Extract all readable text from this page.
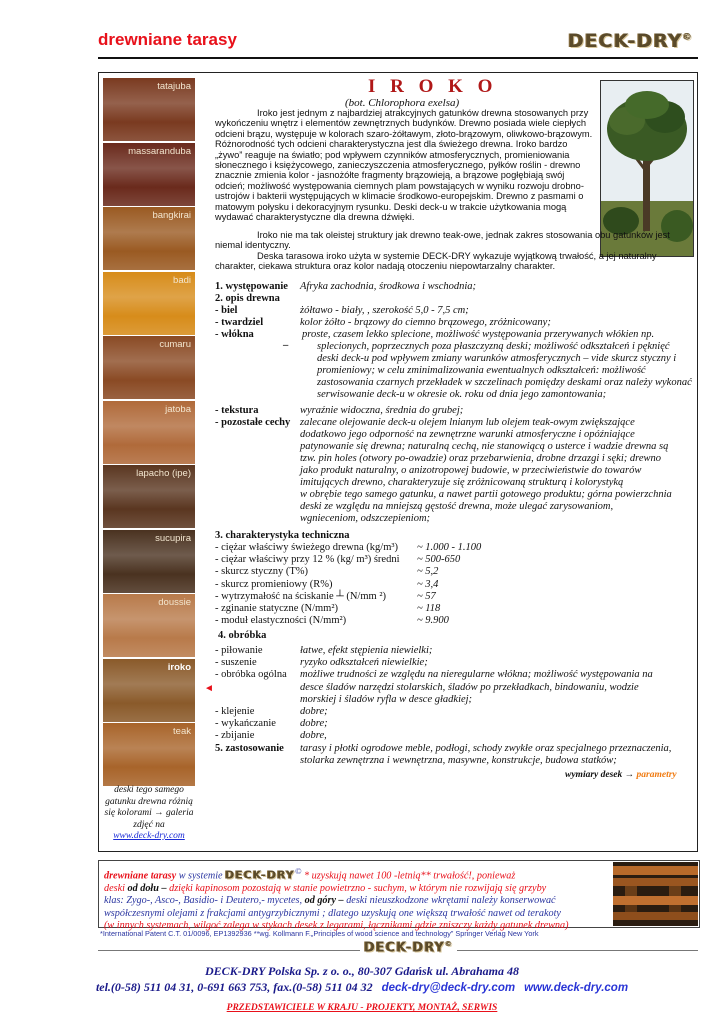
drewniane tarasy	DECK-DRY©
tatajuba
massaranduba
bangkirai
badi
cumaru
jatoba
lapacho (ipe)
sucupira
doussie
iroko
teak
deski tego samego gatunku drewna różnią się kolorami → galeria zdjęć na
www.deck-dry.com
I R O K O
(bot. Chlorophora exelsa)

Iroko jest jednym z najbardziej atrakcyjnych gatunków drewna stosowanych przy wykończeniu wnętrz i elementów zewnętrznych budynków. Drewno posiada wiele ciepłych odcieni brązu, występuje w kolorach szaro-żółtawym, złoto-brązowym, oliwkowo-brązowym. Różnorodność tych odcieni charakterystyczna jest dla świeżego drewna. Iroko bardzo „żywo” reaguje na światło; pod wpływem czynników atmosferycznych, promieniowania słonecznego i księżycowego, zanieczyszczenia atmosferycznego, pyłków roślin - drewno znacznie zmienia kolor - jasnożółte fragmenty brązowieją, a brązowe pogłębiają swój odcień; możliwość występowania ciemnych plam powstających w wyniku rozwoju drobno-ustrojów i bakterii występujących w klimacie środkowo-europejskim. Drewno z pasmami o matowym połysku i dekoracyjnym rysunku. Deski deck-u w trakcie użytkowania mogą wydawać charakterystyczne dla drewna dźwięki.

Iroko nie ma tak oleistej struktury jak drewno teak-owe, jednak zakres stosowania obu gatunków jest niemal identyczny.

Deska tarasowa iroko użyta w systemie DECK-DRY wykazuje wyjątkową trwałość, a jej naturalny charakter, ciekawa struktura oraz kolor nadają otoczeniu niepowtarzalny charakter.

1. występowanie Afryka zachodnia, środkowa i wschodnia;
2. opis drewna
- biel	żółtawo - biały, , szerokość 5,0 - 7,5 cm;
- twardziel	kolor żółto - brązowy do ciemno brązowego, zróżnicowany;
- włókna
–
proste, czasem lekko splecione, możliwość występowania przerywanych włókien np.
splecionych, poprzecznych poza płaszczyzną deski; możliwość odkształceń i pęknięć
deski deck-u pod wpływem zmiany warunków atmosferycznych – vide skurcz styczny i
promieniowy; w celu zminimalizowania ewentualnych odkształceń: możliwość
zastosowania czarnych przekładek w szczelinach pomiędzy deskami oraz należy wykonać
serwisowanie deck-u w okresie ok. roku od dnia jego zamontowania;
- tekstura	wyraźnie widoczna, średnia do grubej;
- pozostałe cechy zalecane olejowanie deck-u olejem lnianym lub olejem teak-owym zwiększające
dodatkowo jego odporność na zewnętrzne warunki atmosferyczne i opóźniające
patynowanie się drewna; naturalną cechą, nie stanowiącą o usterce i wadzie drewna są
tzw. pin holes (otwory po-owadzie) oraz przebarwienia, drobne drzazgi i sęki; drewno
jako produkt naturalny, o anizotropowej budowie, w przeciwieństwie do towarów
imitujących drewno, charakteryzuje się zróżnicowaną strukturą i kolorystyką
w obrębie tego samego gatunku, a nawet partii gotowego produktu; górna powierzchnia
deski ze względu na mniejszą gęstość drewna, może ulegać zarysowaniom,
wgnieceniom, odszczepieniom;
3. charakterystyka techniczna
- ciężar właściwy świeżego drewna (kg/m³) ~ 1.000 - 1.100
- ciężar właściwy przy 12 % (kg/ m³) średni ~ 500-650
- skurcz styczny (T%)	~ 5,2
- skurcz promieniowy (R%)	~ 3,4
- wytrzymałość na ściskanie ┴ (N/mm ²)	~ 57
- zginanie statyczne (N/mm²)	~ 118
- moduł elastyczności (N/mm²)	~ 9.900
4. obróbka
- piłowanie	łatwe, efekt stępienia niewielki;
- suszenie	ryzyko odkształceń niewielkie;
- obróbka ogólna możliwe trudności ze względu na nieregularne włókna; możliwość występowania na
desce śladów narzędzi stolarskich, śladów po przekładkach, bindowaniu, wodzie
morskiej i śladów ryfla w desce gładkiej;
- klejenie	dobre;
- wykańczanie dobre;
- zbijanie	dobre,
5. zastosowanie tarasy i płotki ogrodowe meble, podłogi, schody zwykłe oraz specjalnego przeznaczenia,
stolarka zewnętrzna i wewnętrzna, masywne, konstrukcje, budowa statków;
◄
wymiary desek → parametry
drewniane tarasy w systemie DECK-DRY© * uzyskują nawet 100 -letnią** trwałość!, ponieważ
deski od dołu – dzięki kapinosom pozostają w stanie powietrzno - suchym, w którym nie rozwijają się grzyby
klas: Zygo-, Asco-, Basidio- i Deutero,- mycetes, od góry – deski nieuszkodzone wkrętami należy konserwować
współczesnymi olejami z frakcjami antygrzybicznymi ; dlatego uzyskują one większą trwałość nawet od terakoty
(w innych systemach, wilgoć zalega w stykach desek z legarami, łącznikami gdzie zniszczy każdy gatunek drewna)
*International Patent C.T. 01/0096, EP1392936 **wg. Kollmann F.„Principles of wood science and technology” Springer Verlag New York
DECK-DRY©
DECK-DRY Polska Sp. z o. o., 80-307 Gdańsk ul. Abrahama 48
tel.(0-58) 511 04 31, 0-691 663 753, fax.(0-58) 511 04 32 deck-dry@deck-dry.com www.deck-dry.com
PRZEDSTAWICIELE W KRAJU - PROJEKTY, MONTAŻ, SERWIS
